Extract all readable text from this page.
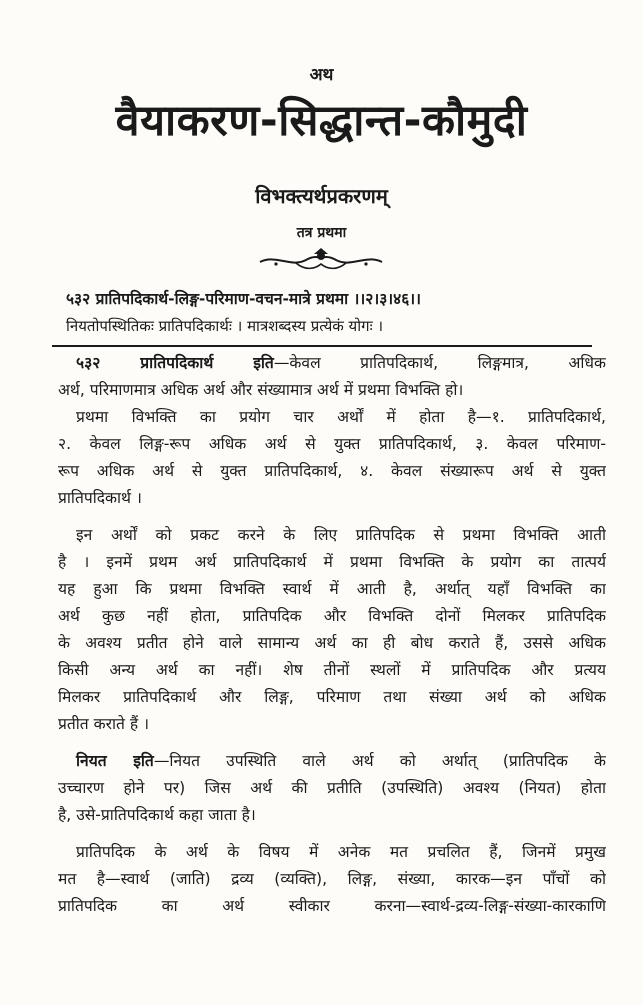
अथ
वैयाकरण-सिद्धान्त-कौमुदी
विभक्त्यर्थप्रकरणम्
तत्र प्रथमा
५३२ प्रातिपदिकार्थ-लिङ्ग-परिमाण-वचन-मात्रे प्रथमा ।।२।३।४६।।
नियतोपस्थितिकः प्रातिपदिकार्थः । मात्रशब्दस्य प्रत्येकं योगः ।
५३२ प्रातिपदिकार्थ इति—केवल प्रातिपदिकार्थ, लिङ्गमात्र, अधिक
अर्थ, परिमाणमात्र अधिक अर्थ और संख्यामात्र अर्थ में प्रथमा विभक्ति हो।
प्रथमा विभक्ति का प्रयोग चार अर्थों में होता है—१. प्रातिपदिकार्थ,
२. केवल लिङ्ग-रूप अधिक अर्थ से युक्त प्रातिपदिकार्थ, ३. केवल परिमाण-
रूप अधिक अर्थ से युक्त प्रातिपदिकार्थ, ४. केवल संख्यारूप अर्थ से युक्त
प्रातिपदिकार्थ ।
इन अर्थों को प्रकट करने के लिए प्रातिपदिक से प्रथमा विभक्ति आती
है । इनमें प्रथम अर्थ प्रातिपदिकार्थ में प्रथमा विभक्ति के प्रयोग का तात्पर्य
यह हुआ कि प्रथमा विभक्ति स्वार्थ में आती है, अर्थात् यहाँ विभक्ति का
अर्थ कुछ नहीं होता, प्रातिपदिक और विभक्ति दोनों मिलकर प्रातिपदिक
के अवश्य प्रतीत होने वाले सामान्य अर्थ का ही बोध कराते हैं, उससे अधिक
किसी अन्य अर्थ का नहीं। शेष तीनों स्थलों में प्रातिपदिक और प्रत्यय
मिलकर प्रातिपदिकार्थ और लिङ्ग, परिमाण तथा संख्या अर्थ को अधिक
प्रतीत कराते हैं ।
नियत इति—नियत उपस्थिति वाले अर्थ को अर्थात् (प्रातिपदिक के
उच्चारण होने पर) जिस अर्थ की प्रतीति (उपस्थिति) अवश्य (नियत) होता
है, उसे-प्रातिपदिकार्थ कहा जाता है।
प्रातिपदिक के अर्थ के विषय में अनेक मत प्रचलित हैं, जिनमें प्रमुख
मत है—स्वार्थ (जाति) द्रव्य (व्यक्ति), लिङ्ग, संख्या, कारक—इन पाँचों को
प्रातिपदिक का अर्थ स्वीकार करना—स्वार्थ-द्रव्य-लिङ्ग-संख्या-कारकाणि
